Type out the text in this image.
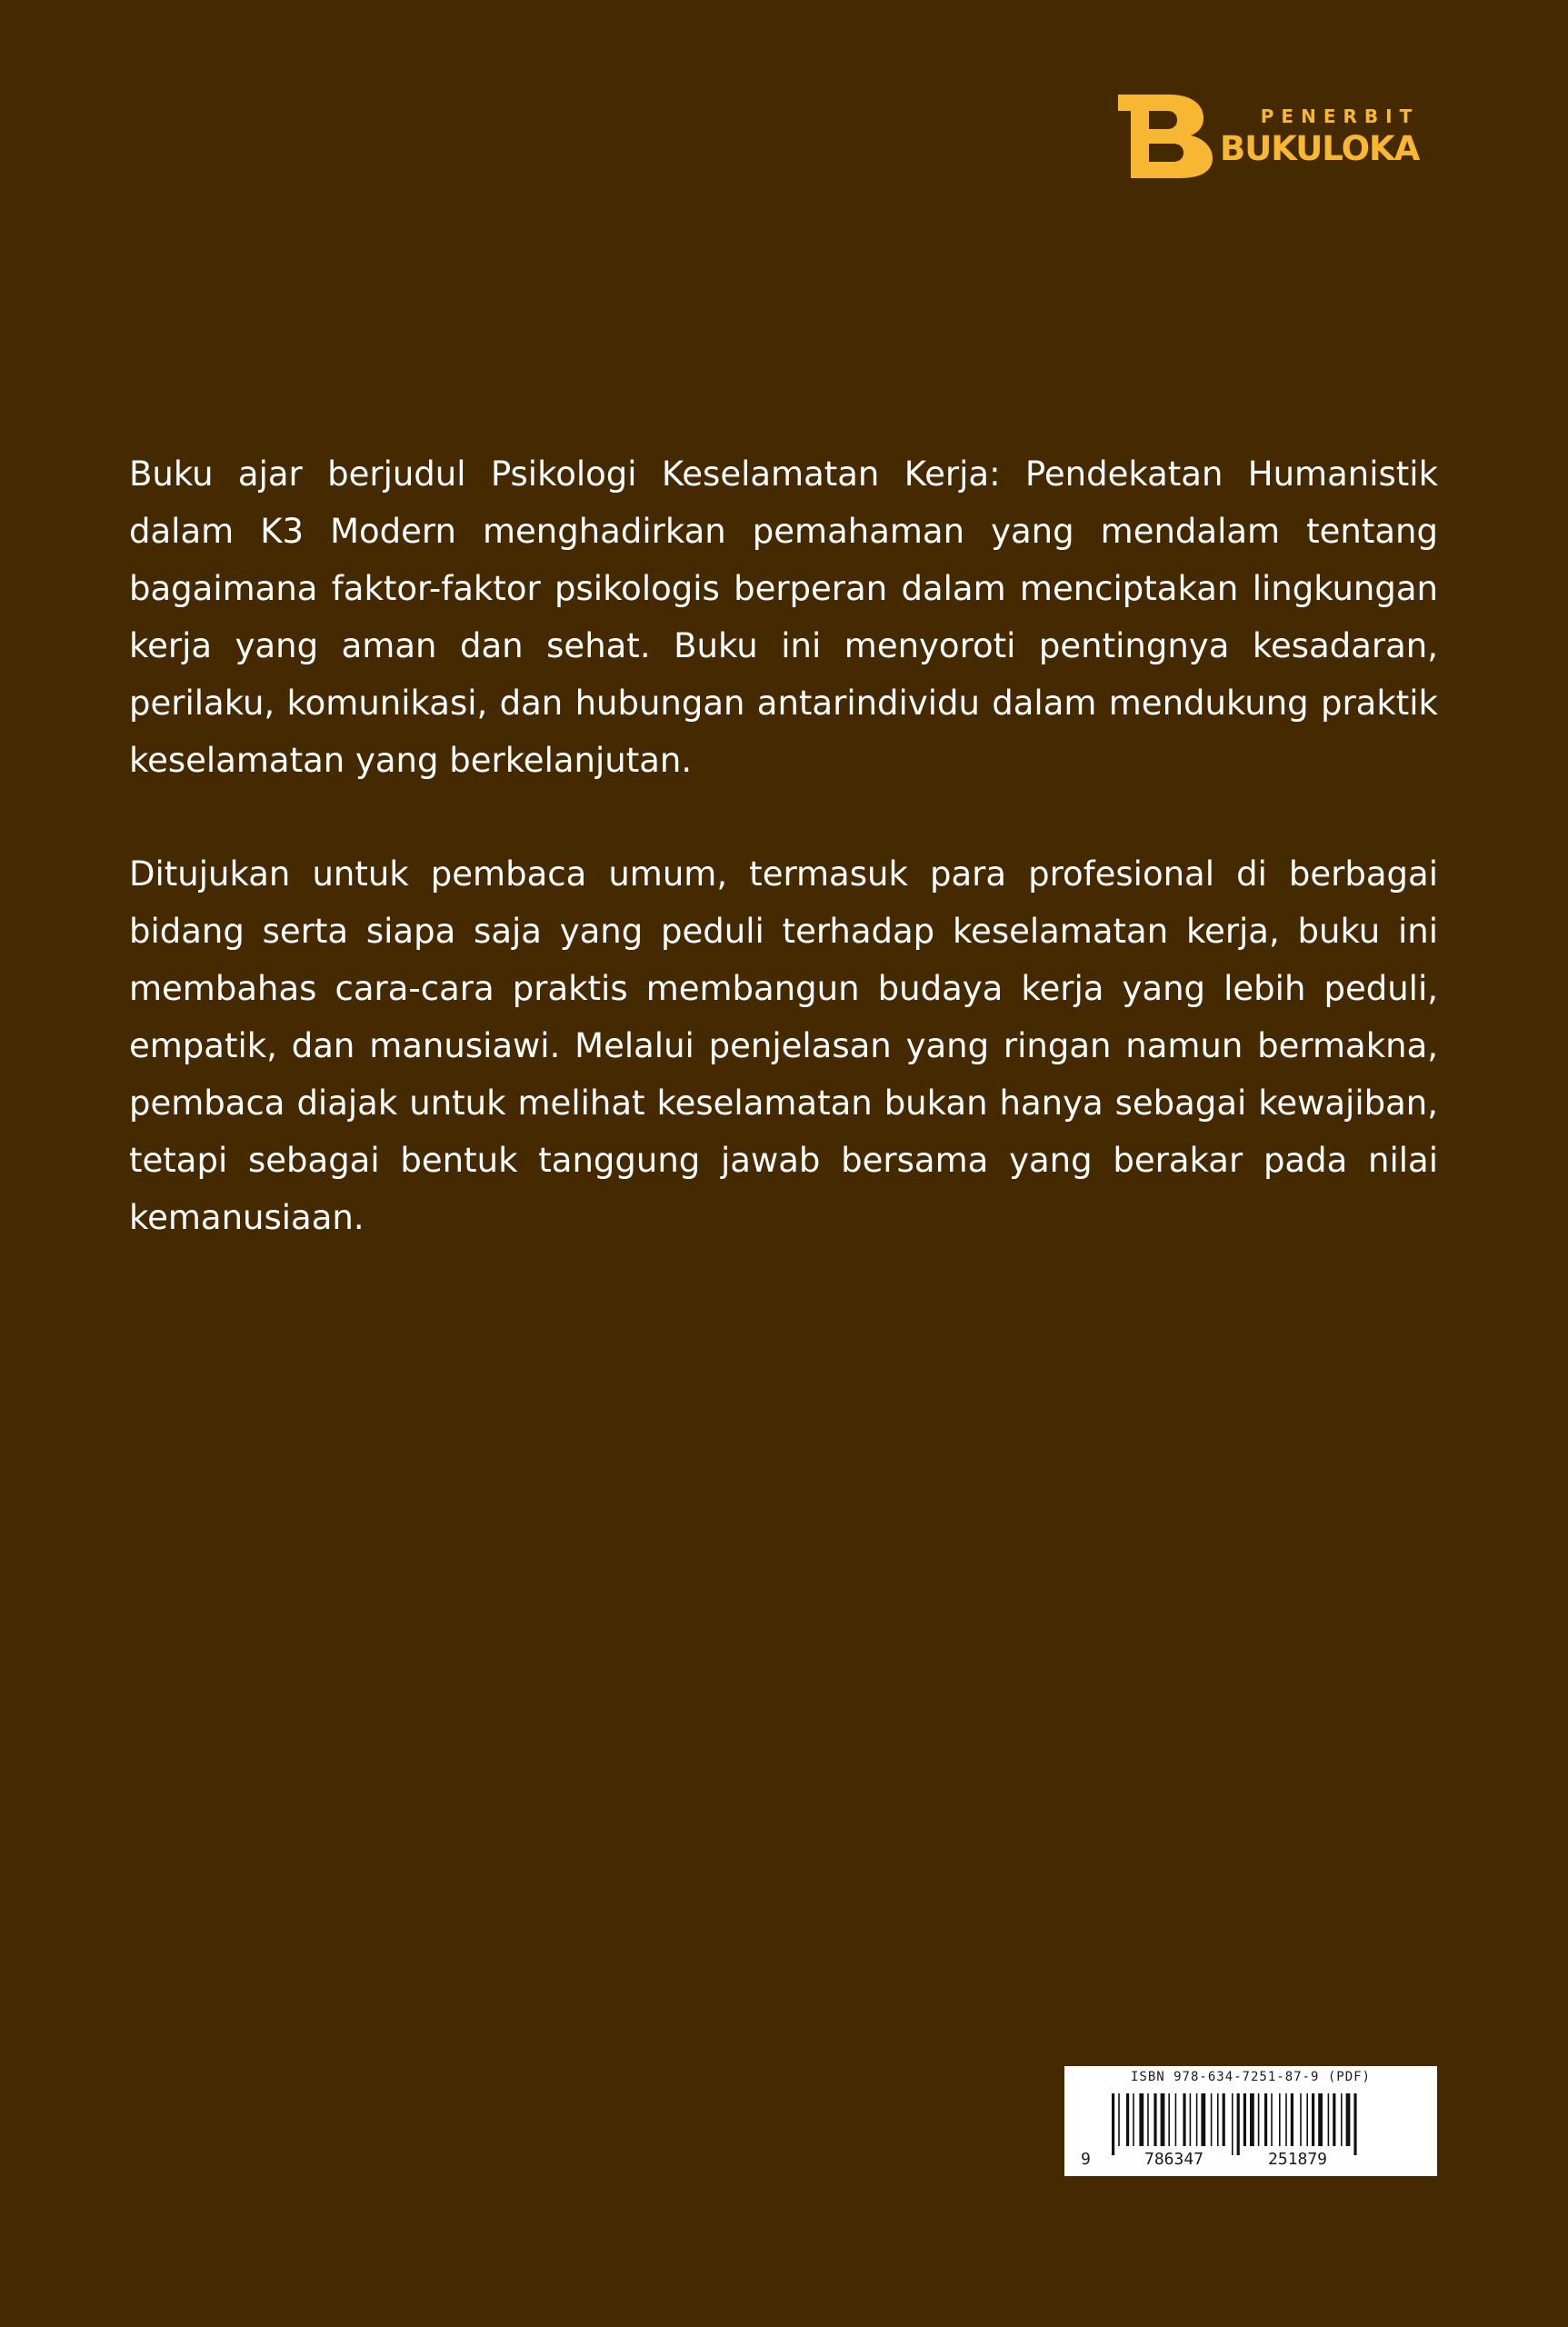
PENERBIT
BUKULOKA

Buku ajar berjudul Psikologi Keselamatan Kerja: Pendekatan Humanistik dalam K3 Modern menghadirkan pemahaman yang mendalam tentang bagaimana faktor-faktor psikologis berperan dalam menciptakan lingkungan kerja yang aman dan sehat. Buku ini menyoroti pentingnya kesadaran, perilaku, komunikasi, dan hubungan antarindividu dalam mendukung praktik keselamatan yang berkelanjutan.

Ditujukan untuk pembaca umum, termasuk para profesional di berbagai bidang serta siapa saja yang peduli terhadap keselamatan kerja, buku ini membahas cara-cara praktis membangun budaya kerja yang lebih peduli, empatik, dan manusiawi. Melalui penjelasan yang ringan namun bermakna, pembaca diajak untuk melihat keselamatan bukan hanya sebagai kewajiban, tetapi sebagai bentuk tanggung jawab bersama yang berakar pada nilai kemanusiaan.

ISBN 978-634-7251-87-9 (PDF)
9	786347	251879
